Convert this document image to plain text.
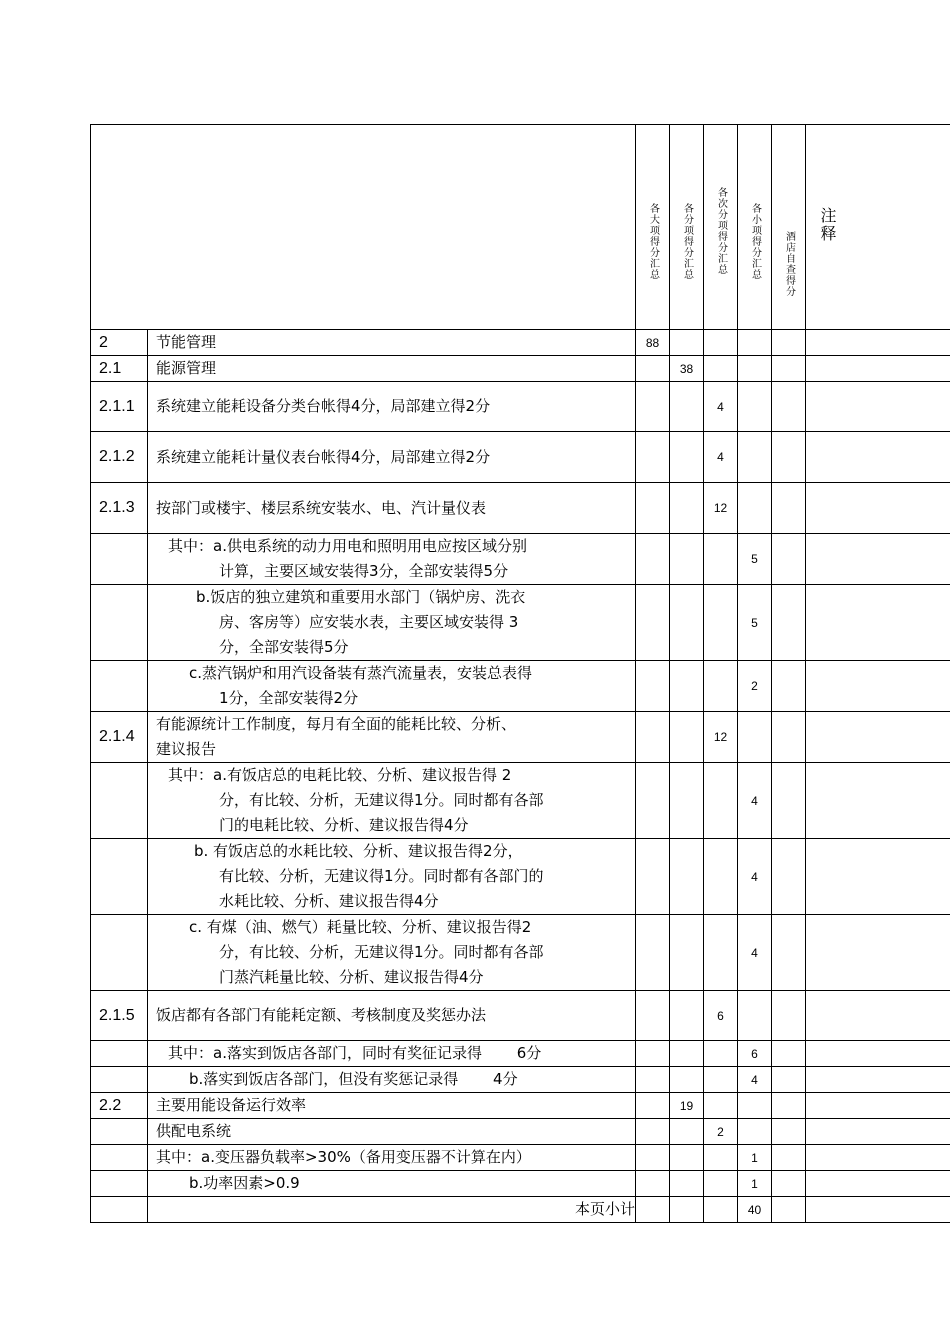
		各大项得分汇总	各分项得分汇总	各次分项得分汇总	各小项得分汇总	酒店自查得分	注释

2	节能管理	88					
2.1	能源管理		38				
2.1.1	系统建立能耗设备分类台帐得4分，局部建立得2分			4			
2.1.2	系统建立能耗计量仪表台帐得4分，局部建立得2分			4			
2.1.3	按部门或楼宇、楼层系统安装水、电、汽计量仪表			12			

	其中：a.供电系统的动力用电和照明用电应按区域分别
计算，主要区域安装得3分，全部安装得5分				5		

	b.饭店的独立建筑和重要用水部门（锅炉房、洗衣
房、客房等）应安装水表，主要区域安装得 3
分，全部安装得5分				5		

	c.蒸汽锅炉和用汽设备装有蒸汽流量表，安装总表得
1分，全部安装得2分				2		
2.1.4	有能源统计工作制度，每月有全面的能耗比较、分析、
建议报告			12			

	其中：a.有饭店总的电耗比较、分析、建议报告得 2
分，有比较、分析，无建议得1分。同时都有各部
门的电耗比较、分析、建议报告得4分				4		

	b. 有饭店总的水耗比较、分析、建议报告得2分，
有比较、分析，无建议得1分。同时都有各部门的
水耗比较、分析、建议报告得4分				4		

	c. 有煤（油、燃气）耗量比较、分析、建议报告得2
分，有比较、分析，无建议得1分。同时都有各部
门蒸汽耗量比较、分析、建议报告得4分				4		
2.1.5	饭店都有各部门有能耗定额、考核制度及奖惩办法			6			

	其中：a.落实到饭店各部门，同时有奖征记录得　　 6分				6		

	b.落实到饭店各部门，但没有奖惩记录得　　 4分				4		
2.2	主要用能设备运行效率		19				
	供配电系统			2			
	其中：a.变压器负载率>30%（备用变压器不计算在内）				1		

	b.功率因素>0.9				1		
	本页小计				40		
